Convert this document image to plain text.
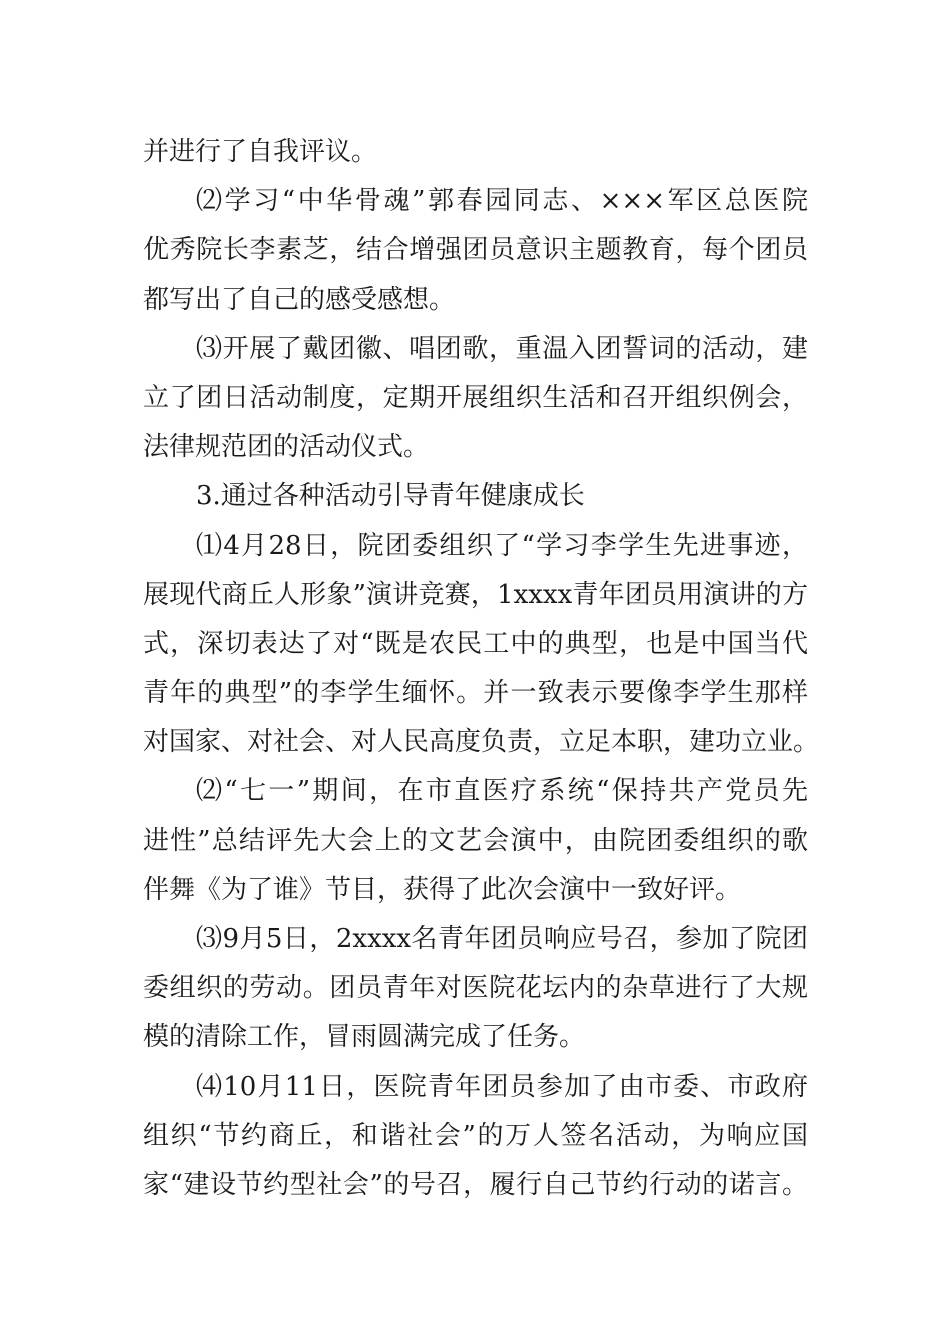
并进行了自我评议。
⑵学习“中华骨魂”郭春园同志、×××军区总医院
优秀院长李素芝，结合增强团员意识主题教育，每个团员
都写出了自己的感受感想。
⑶开展了戴团徽、唱团歌，重温入团誓词的活动，建
立了团日活动制度，定期开展组织生活和召开组织例会，
法律规范团的活动仪式。
3.通过各种活动引导青年健康成长
⑴4月28日，院团委组织了“学习李学生先进事迹，
展现代商丘人形象”演讲竞赛，1xxxx青年团员用演讲的方
式，深切表达了对“既是农民工中的典型，也是中国当代
青年的典型”的李学生缅怀。并一致表示要像李学生那样
对国家、对社会、对人民高度负责，立足本职，建功立业。
⑵“七一”期间，在市直医疗系统“保持共产党员先
进性”总结评先大会上的文艺会演中，由院团委组织的歌
伴舞《为了谁》节目，获得了此次会演中一致好评。
⑶9月5日，2xxxx名青年团员响应号召，参加了院团
委组织的劳动。团员青年对医院花坛内的杂草进行了大规
模的清除工作，冒雨圆满完成了任务。
⑷10月11日，医院青年团员参加了由市委、市政府
组织“节约商丘，和谐社会”的万人签名活动，为响应国
家“建设节约型社会”的号召，履行自己节约行动的诺言。
